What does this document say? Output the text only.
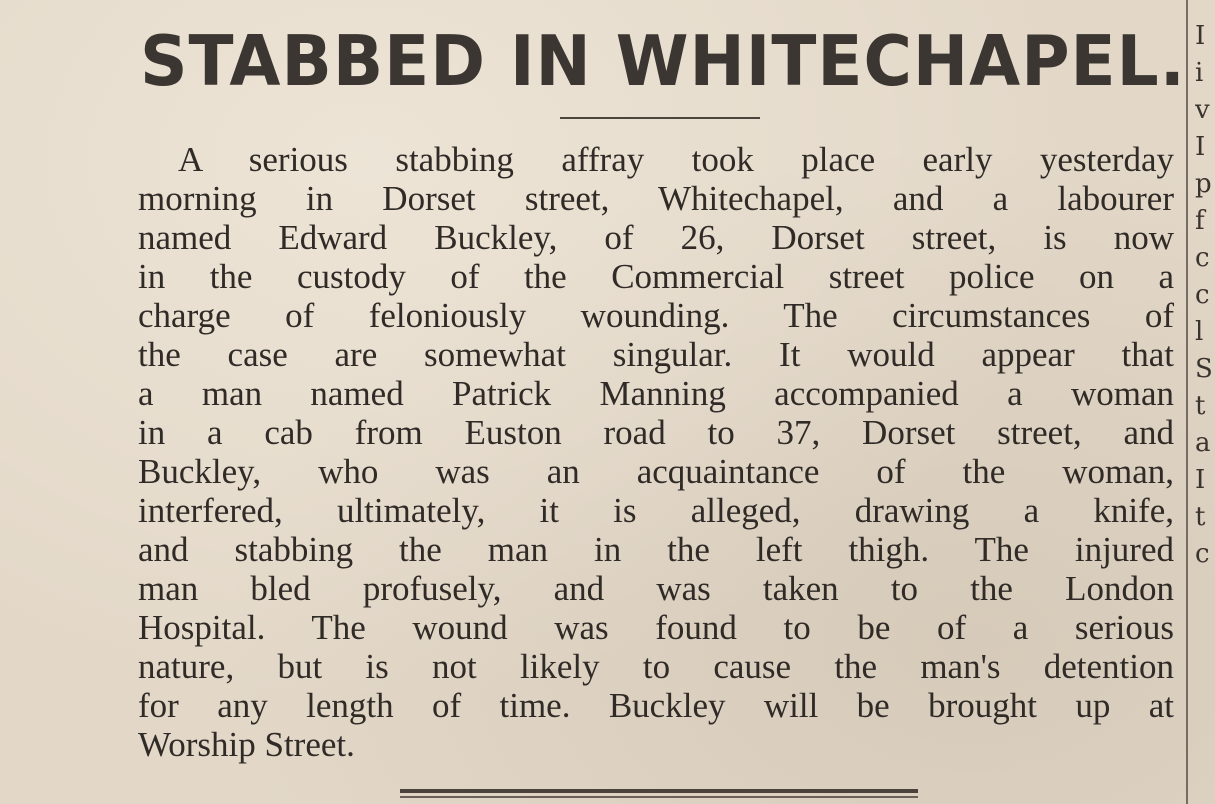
STABBED IN WHITECHAPEL.
A serious stabbing affray took place early yesterday
morning in Dorset street, Whitechapel, and a labourer
named Edward Buckley, of 26, Dorset street, is now
in the custody of the Commercial street police on a
charge of feloniously wounding. The circumstances of
the case are somewhat singular. It would appear that
a man named Patrick Manning accompanied a woman
in a cab from Euston road to 37, Dorset street, and
Buckley, who was an acquaintance of the woman,
interfered, ultimately, it is alleged, drawing a knife,
and stabbing the man in the left thigh. The injured
man bled profusely, and was taken to the London
Hospital. The wound was found to be of a serious
nature, but is not likely to cause the man's detention
for any length of time. Buckley will be brought up at
Worship Street.
I
i
v
I
p
f
c
c
l
S
t
a
I
t
c
